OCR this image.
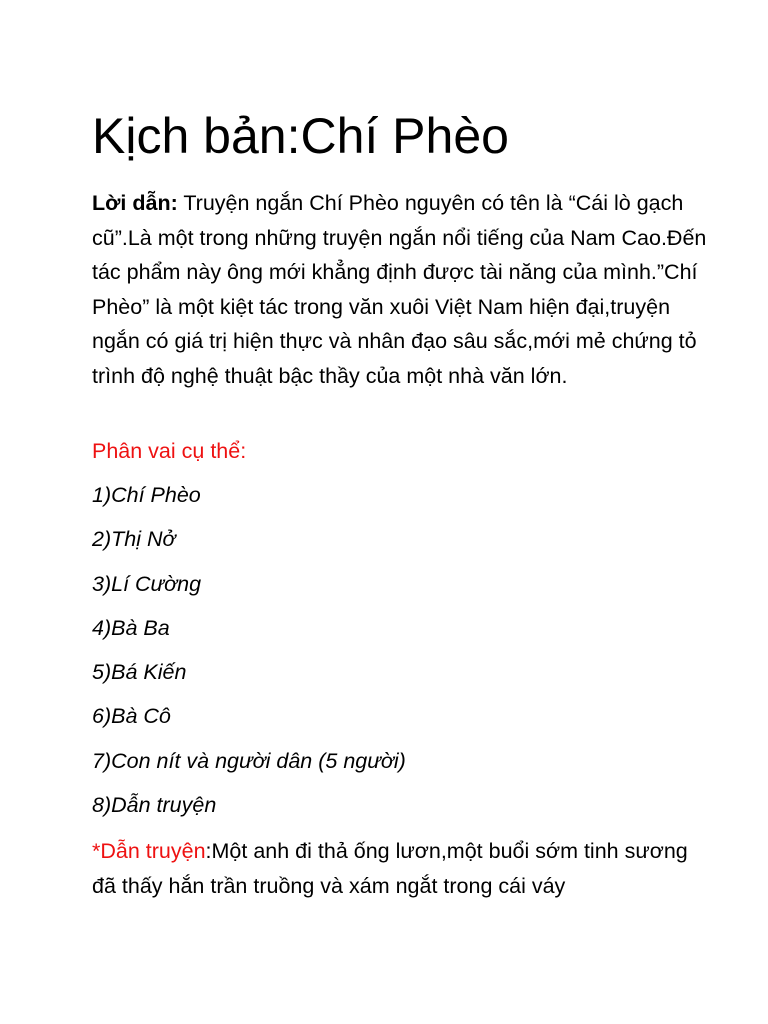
Kịch bản:Chí Phèo

Lời dẫn: Truyện ngắn Chí Phèo nguyên có tên là “Cái lò gạch cũ”.Là một trong những truyện ngắn nổi tiếng của Nam Cao.Đến tác phẩm này ông mới khẳng định được tài năng của mình.”Chí Phèo” là một kiệt tác trong văn xuôi Việt Nam hiện đại,truyện ngắn có giá trị hiện thực và nhân đạo sâu sắc,mới mẻ chứng tỏ trình độ nghệ thuật bậc thầy của một nhà văn lớn.

Phân vai cụ thể:

1)Chí Phèo
2)Thị Nở
3)Lí Cường
4)Bà Ba
5)Bá Kiến
6)Bà Cô
7)Con nít và người dân (5 người)
8)Dẫn truyện

*Dẫn truyện:Một anh đi thả ống lươn,một buổi sớm tinh sương đã thấy hắn trần truồng và xám ngắt trong cái váy
